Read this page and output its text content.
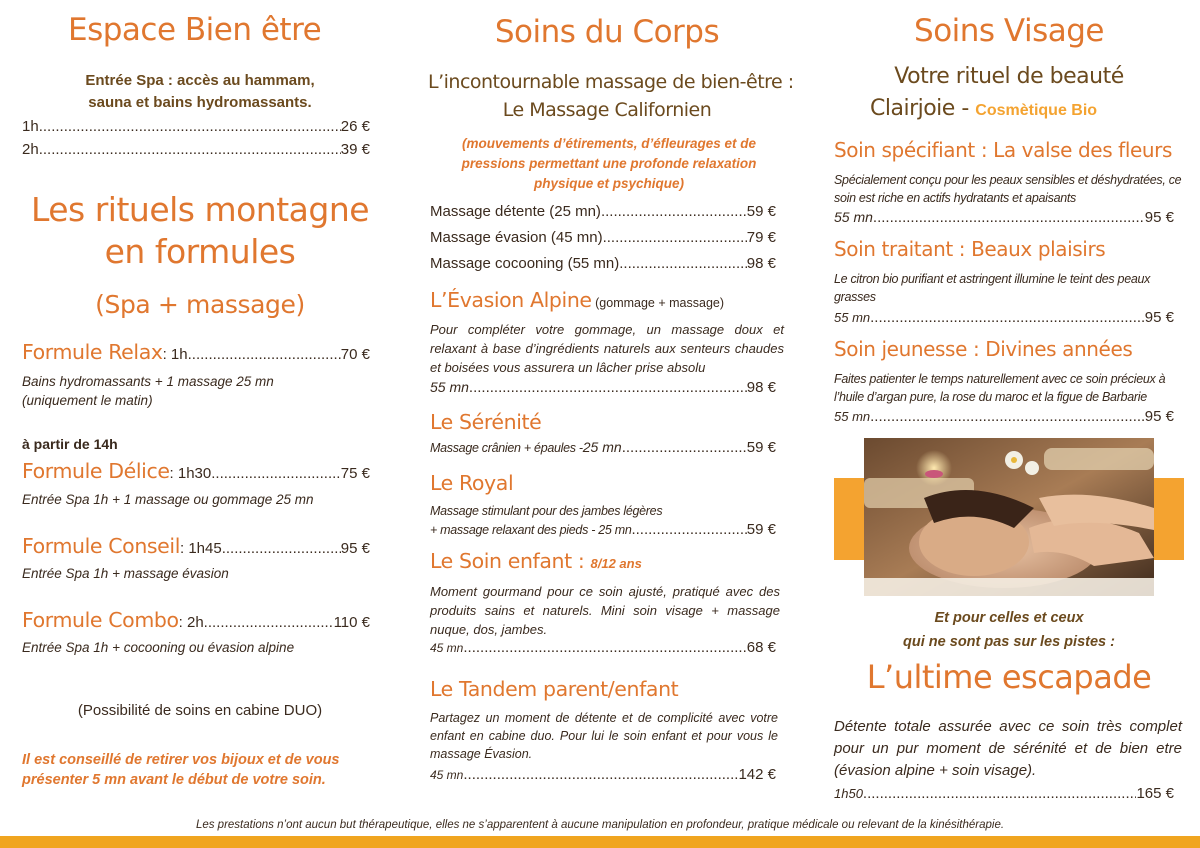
Espace Bien être
Entrée Spa : accès au hammam,
sauna et bains hydromassants.
1h .....	26 €
2h .....	39 €
Les rituels montagne
en formules
(Spa + massage)
Formule Relax : 1h .....	70 €
Bains hydromassants + 1 massage 25 mn (uniquement le matin)
à partir de 14h
Formule Délice : 1h30 .....	75 €
Entrée Spa 1h + 1 massage ou gommage 25 mn
Formule Conseil : 1h45 .....	95 €
Entrée Spa 1h + massage évasion
Formule Combo : 2h .....	110 €
Entrée Spa 1h + cocooning ou évasion alpine
(Possibilité de soins en cabine DUO)
Il est conseillé de retirer vos bijoux et de vous présenter 5 mn avant le début de votre soin.
Soins du Corps
L’incontournable massage de bien-être :
Le Massage Californien
(mouvements d’étirements, d’éfleurages et de pressions permettant une profonde relaxation physique et psychique)
Massage détente (25 mn) .....	59 €
Massage évasion (45 mn) .....	79 €
Massage cocooning (55 mn) .....	98 €
L’Évasion Alpine (gommage + massage)
Pour compléter votre gommage, un massage doux et relaxant à base d’ingrédients naturels aux senteurs chaudes et boisées vous assurera un lâcher prise absolu
55 mn .....	98 €
Le Sérénité
Massage crânien + épaules - 25 mn .....	59 €
Le Royal
Massage stimulant pour des jambes légères
+ massage relaxant des pieds - 25 mn .....	59 €
Le Soin enfant : 8/12 ans
Moment gourmand pour ce soin ajusté, pratiqué avec des produits sains et naturels. Mini soin visage + massage nuque, dos, jambes.
45 mn .....	68 €
Le Tandem parent/enfant
Partagez un moment de détente et de complicité avec votre enfant en cabine duo. Pour lui le soin enfant et pour vous le massage Évasion.
45 mn .....	142 €
Soins Visage
Votre rituel de beauté
Clairjoie - Cosmètique Bio
Soin spécifiant : La valse des fleurs
Spécialement conçu pour les peaux sensibles et déshydratées, ce soin est riche en actifs hydratants et apaisants
55 mn .....	95 €
Soin traitant : Beaux plaisirs
Le citron bio purifiant et astringent illumine le teint des peaux grasses
55 mn .....	95 €
Soin jeunesse : Divines années
Faites patienter le temps naturellement avec ce soin précieux à l’huile d’argan pure, la rose du maroc et la figue de Barbarie
55 mn .....	95 €
Et pour celles et ceux
qui ne sont pas sur les pistes :
L’ultime escapade
Détente totale assurée avec ce soin très complet pour un pur moment de sérénité et de bien etre (évasion alpine + soin visage).
1h50 .....	165 €
Les prestations n’ont aucun but thérapeutique, elles ne s’apparentent à aucune manipulation en profondeur, pratique médicale ou relevant de la kinésithérapie.
